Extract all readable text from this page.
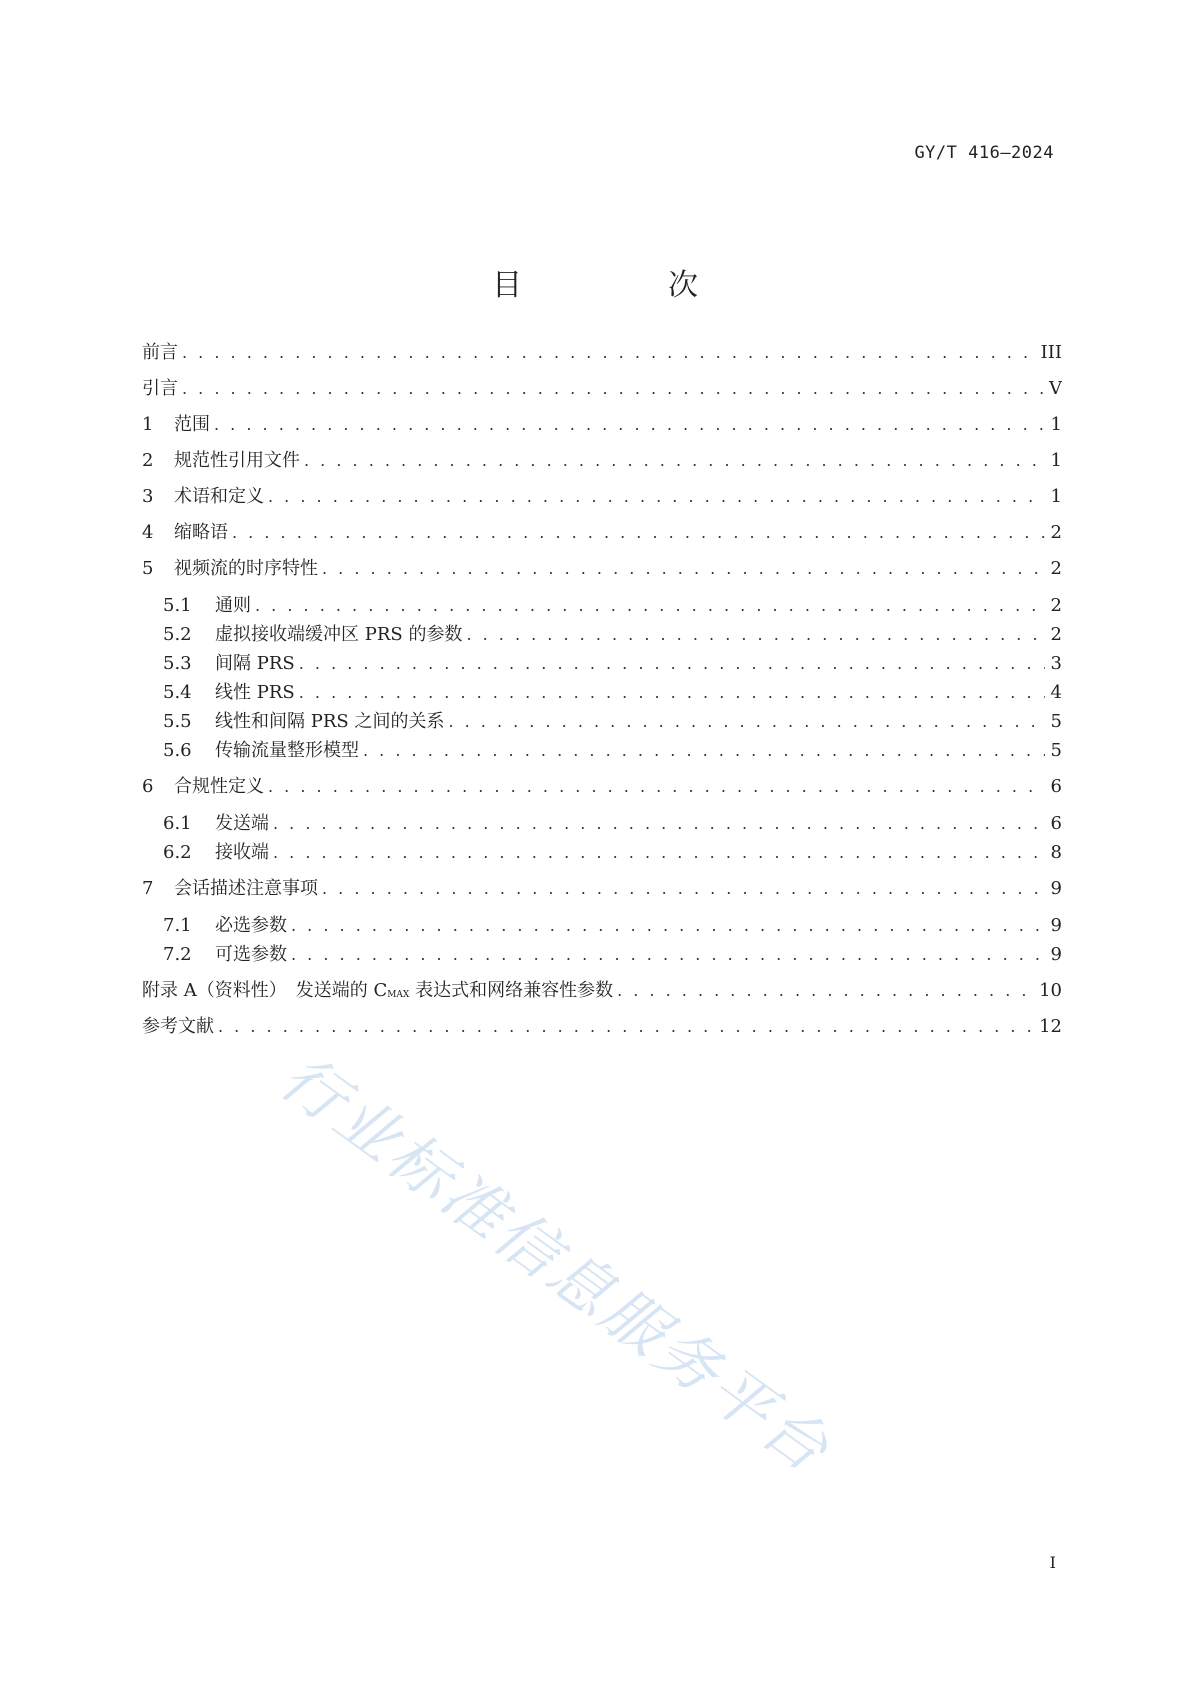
GY/T 416—2024
目　次
前言 . . .	III
引言 . . .	V
1	范围 . . .	1
2	规范性引用文件 . . .	1
3	术语和定义 . . .	1
4	缩略语 . . .	2
5	视频流的时序特性 . . .	2
5.1	通则 . . .	2
5.2	虚拟接收端缓冲区 PRS 的参数 . . .	2
5.3	间隔 PRS . . .	3
5.4	线性 PRS . . .	4
5.5	线性和间隔 PRS 之间的关系 . . .	5
5.6	传输流量整形模型 . . .	5
6	合规性定义 . . .	6
6.1	发送端 . . .	6
6.2	接收端 . . .	8
7	会话描述注意事项 . . .	9
7.1	必选参数 . . .	9
7.2	可选参数 . . .	9
附录 A（资料性）　发送端的 $C_{MAX}$ 表达式和网络兼容性参数 . . .	10
参考文献 . . .	12
行业标准信息服务平台
I
